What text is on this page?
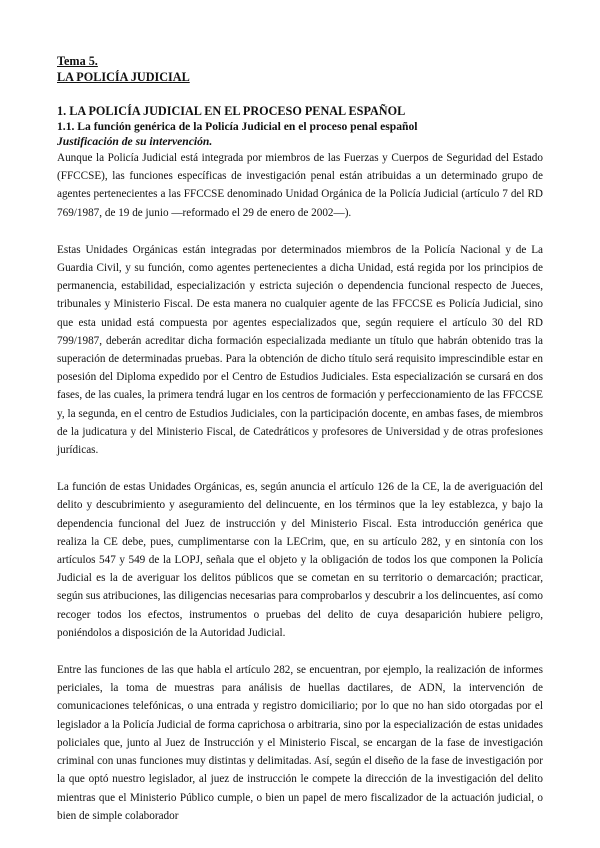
Tema 5.
LA POLICÍA JUDICIAL
1. LA POLICÍA JUDICIAL EN EL PROCESO PENAL ESPAÑOL
1.1. La función genérica de la Policía Judicial en el proceso penal español
Justificación de su intervención.

Aunque la Policía Judicial está integrada por miembros de las Fuerzas y Cuerpos de Seguridad del Estado (FFCCSE), las funciones específicas de investigación penal están atribuidas a un determinado grupo de agentes pertenecientes a las FFCCSE denominado Unidad Orgánica de la Policía Judicial (artículo 7 del RD 769/1987, de 19 de junio —reformado el 29 de enero de 2002—).

Estas Unidades Orgánicas están integradas por determinados miembros de la Policía Nacional y de La Guardia Civil, y su función, como agentes pertenecientes a dicha Unidad, está regida por los principios de permanencia, estabilidad, especialización y estricta sujeción o dependencia funcional respecto de Jueces, tribunales y Ministerio Fiscal. De esta manera no cualquier agente de las FFCCSE es Policía Judicial, sino que esta unidad está compuesta por agentes especializados que, según requiere el artículo 30 del RD 799/1987, deberán acreditar dicha formación especializada mediante un título que habrán obtenido tras la superación de determinadas pruebas. Para la obtención de dicho título será requisito imprescindible estar en posesión del Diploma expedido por el Centro de Estudios Judiciales. Esta especialización se cursará en dos fases, de las cuales, la primera tendrá lugar en los centros de formación y perfeccionamiento de las FFCCSE y, la segunda, en el centro de Estudios Judiciales, con la participación docente, en ambas fases, de miembros de la judicatura y del Ministerio Fiscal, de Catedráticos y profesores de Universidad y de otras profesiones jurídicas.

La función de estas Unidades Orgánicas, es, según anuncia el artículo 126 de la CE, la de averiguación del delito y descubrimiento y aseguramiento del delincuente, en los términos que la ley establezca, y bajo la dependencia funcional del Juez de instrucción y del Ministerio Fiscal. Esta introducción genérica que realiza la CE debe, pues, cumplimentarse con la LECrim, que, en su artículo 282, y en sintonía con los artículos 547 y 549 de la LOPJ, señala que el objeto y la obligación de todos los que componen la Policía Judicial es la de averiguar los delitos públicos que se cometan en su territorio o demarcación; practicar, según sus atribuciones, las diligencias necesarias para comprobarlos y descubrir a los delincuentes, así como recoger todos los efectos, instrumentos o pruebas del delito de cuya desaparición hubiere peligro, poniéndolos a disposición de la Autoridad Judicial.

Entre las funciones de las que habla el artículo 282, se encuentran, por ejemplo, la realización de informes periciales, la toma de muestras para análisis de huellas dactilares, de ADN, la intervención de comunicaciones telefónicas, o una entrada y registro domiciliario; por lo que no han sido otorgadas por el legislador a la Policía Judicial de forma caprichosa o arbitraria, sino por la especialización de estas unidades policiales que, junto al Juez de Instrucción y el Ministerio Fiscal, se encargan de la fase de investigación criminal con unas funciones muy distintas y delimitadas. Así, según el diseño de la fase de investigación por la que optó nuestro legislador, al juez de instrucción le compete la dirección de la investigación del delito mientras que el Ministerio Público cumple, o bien un papel de mero fiscalizador de la actuación judicial, o bien de simple colaborador
